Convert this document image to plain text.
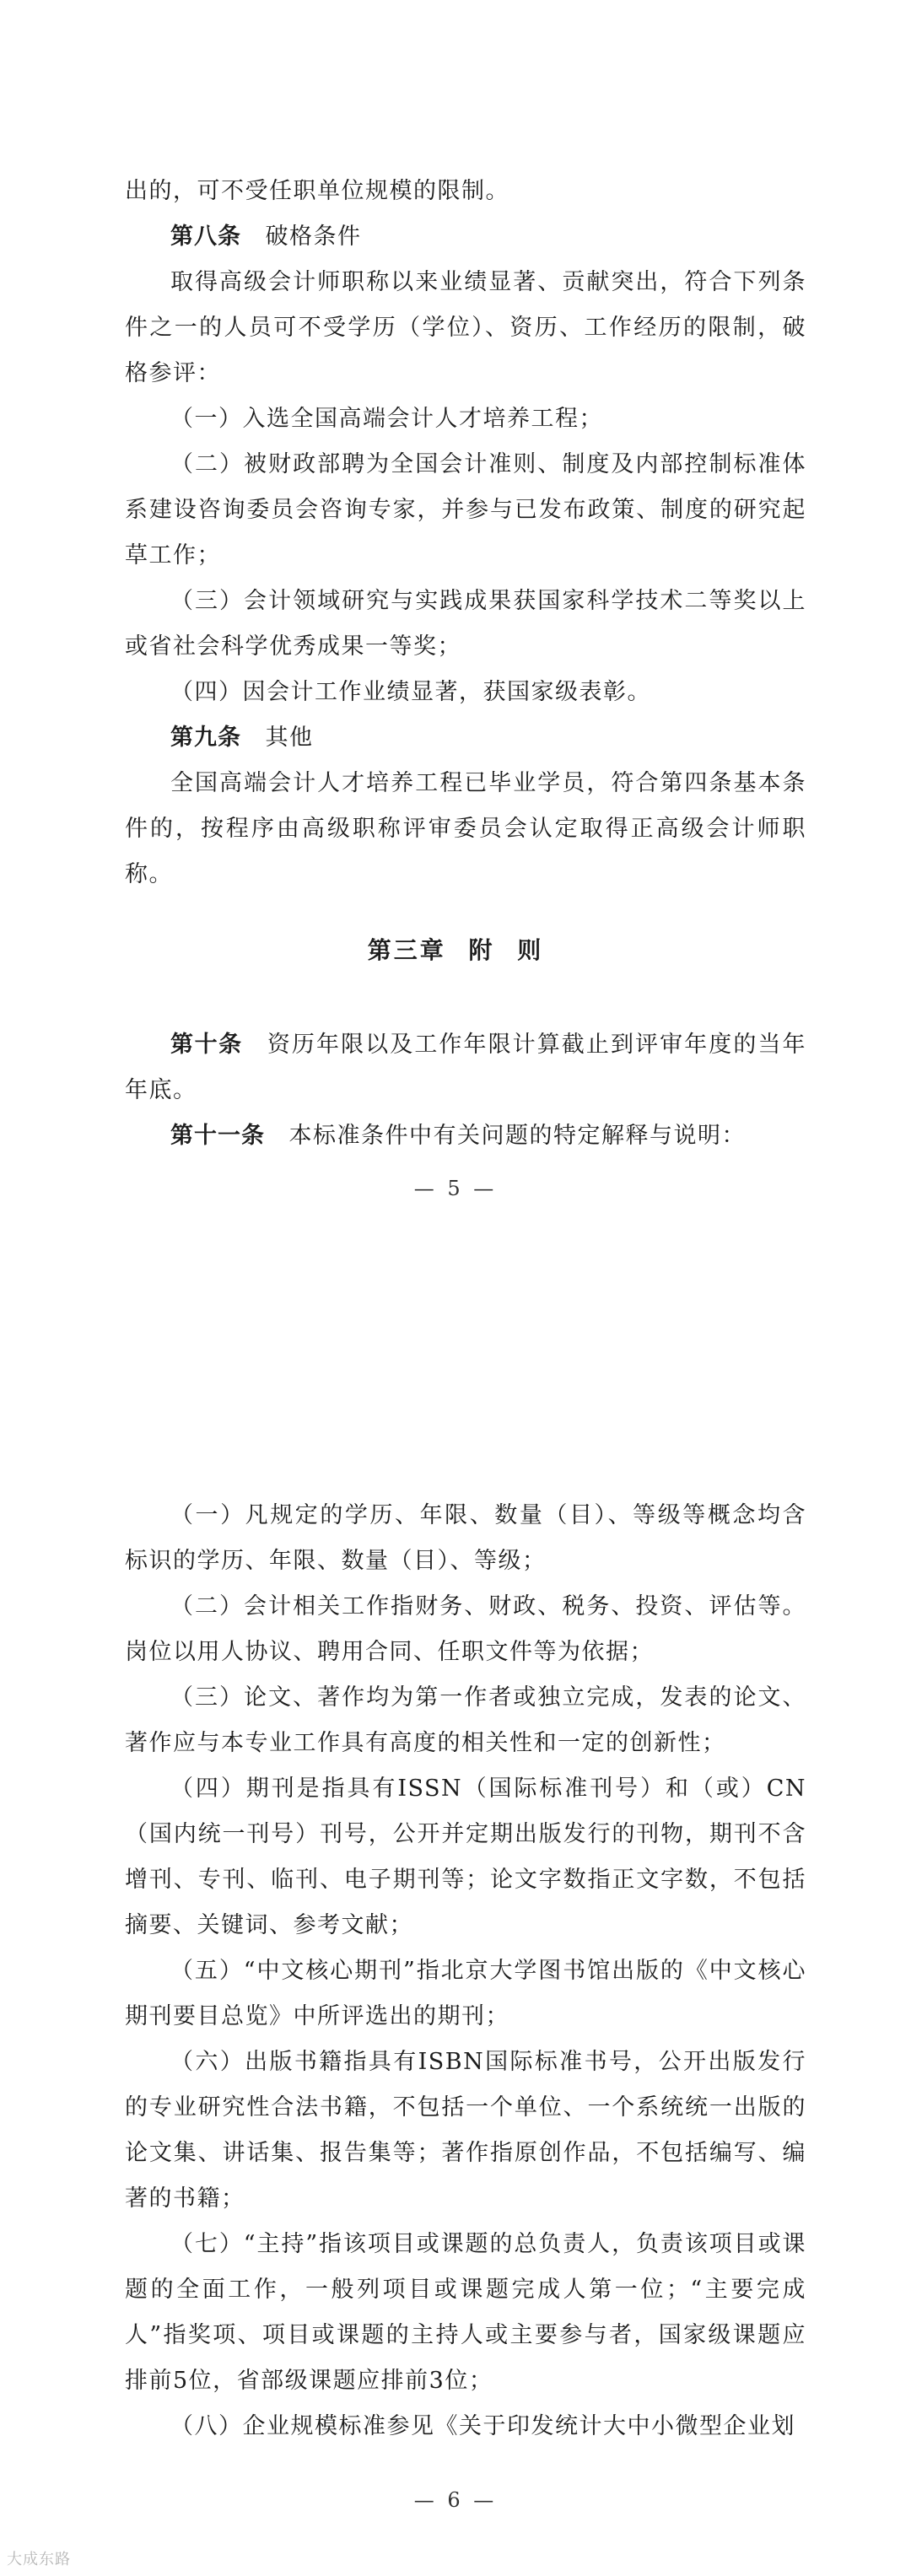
出的，可不受任职单位规模的限制。

第八条　 破格条件

取得高级会计师职称以来业绩显著、贡献突出，符合下列条件之一的人员可不受学历（学位）、资历、工作经历的限制，破格参评：

（一）入选全国高端会计人才培养工程；

（二）被财政部聘为全国会计准则、制度及内部控制标准体系建设咨询委员会咨询专家，并参与已发布政策、制度的研究起草工作；

（三）会计领域研究与实践成果获国家科学技术二等奖以上或省社会科学优秀成果一等奖；

（四）因会计工作业绩显著，获国家级表彰。

第九条　 其他

全国高端会计人才培养工程已毕业学员，符合第四条基本条件的，按程序由高级职称评审委员会认定取得正高级会计师职称。

第三章 附 则

第十条　 资历年限以及工作年限计算截止到评审年度的当年年底。

第十一条　 本标准条件中有关问题的特定解释与说明：

— 5 —

（一）凡规定的学历、年限、数量（目）、等级等概念均含标识的学历、年限、数量（目）、等级；

（二）会计相关工作指财务、财政、税务、投资、评估等。岗位以用人协议、聘用合同、任职文件等为依据；

（三）论文、著作均为第一作者或独立完成，发表的论文、著作应与本专业工作具有高度的相关性和一定的创新性；

（四）期刊是指具有ISSN（国际标准刊号）和（或）CN（国内统一刊号）刊号，公开并定期出版发行的刊物，期刊不含增刊、专刊、临刊、电子期刊等；论文字数指正文字数，不包括摘要、关键词、参考文献；

（五）“中文核心期刊”指北京大学图书馆出版的《中文核心期刊要目总览》中所评选出的期刊；

（六）出版书籍指具有ISBN国际标准书号，公开出版发行的专业研究性合法书籍，不包括一个单位、一个系统统一出版的论文集、讲话集、报告集等；著作指原创作品，不包括编写、编著的书籍；

（七）“主持”指该项目或课题的总负责人，负责该项目或课题的全面工作，一般列项目或课题完成人第一位；“主要完成人”指奖项、项目或课题的主持人或主要参与者，国家级课题应排前5位，省部级课题应排前3位；

（八）企业规模标准参见《关于印发统计大中小微型企业划

— 6 —
大成东路
